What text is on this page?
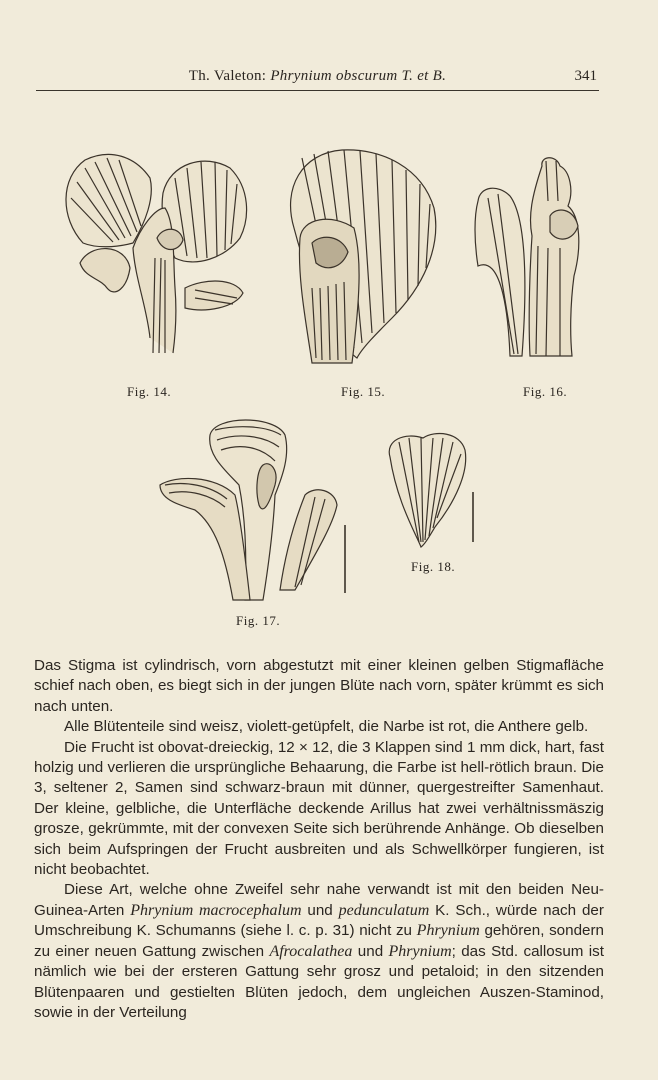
Th. Valeton: Phrynium obscurum T. et B.	341
Fig. 14.	Fig. 15.	Fig. 16.
Fig. 17.
Fig. 18.

Das Stigma ist cylindrisch, vorn abgestutzt mit einer kleinen gelben Stigmafläche schief nach oben, es biegt sich in der jungen Blüte nach vorn, später krümmt es sich nach unten.

Alle Blütenteile sind weisz, violett-getüpfelt, die Narbe ist rot, die Anthere gelb.

Die Frucht ist obovat-dreieckig, 12 × 12, die 3 Klappen sind 1 mm dick, hart, fast holzig und verlieren die ursprüngliche Behaarung, die Farbe ist hell-rötlich braun. Die 3, seltener 2, Samen sind schwarz-braun mit dünner, quergestreifter Samenhaut. Der kleine, gelbliche, die Unterfläche deckende Arillus hat zwei verhältnissmäszig grosze, gekrümmte, mit der convexen Seite sich berührende Anhänge. Ob dieselben sich beim Aufspringen der Frucht ausbreiten und als Schwellkörper fungieren, ist nicht beobachtet.

Diese Art, welche ohne Zweifel sehr nahe verwandt ist mit den beiden Neu-Guinea-Arten Phrynium macrocephalum und pedunculatum K. Sch., würde nach der Umschreibung K. Schumanns (siehe l. c. p. 31) nicht zu Phrynium gehören, sondern zu einer neuen Gattung zwischen Afrocalathea und Phrynium; das Std. callosum ist nämlich wie bei der ersteren Gattung sehr grosz und petaloid; in den sitzenden Blütenpaaren und gestielten Blüten jedoch, dem ungleichen Auszen-Staminod, sowie in der Verteilung
